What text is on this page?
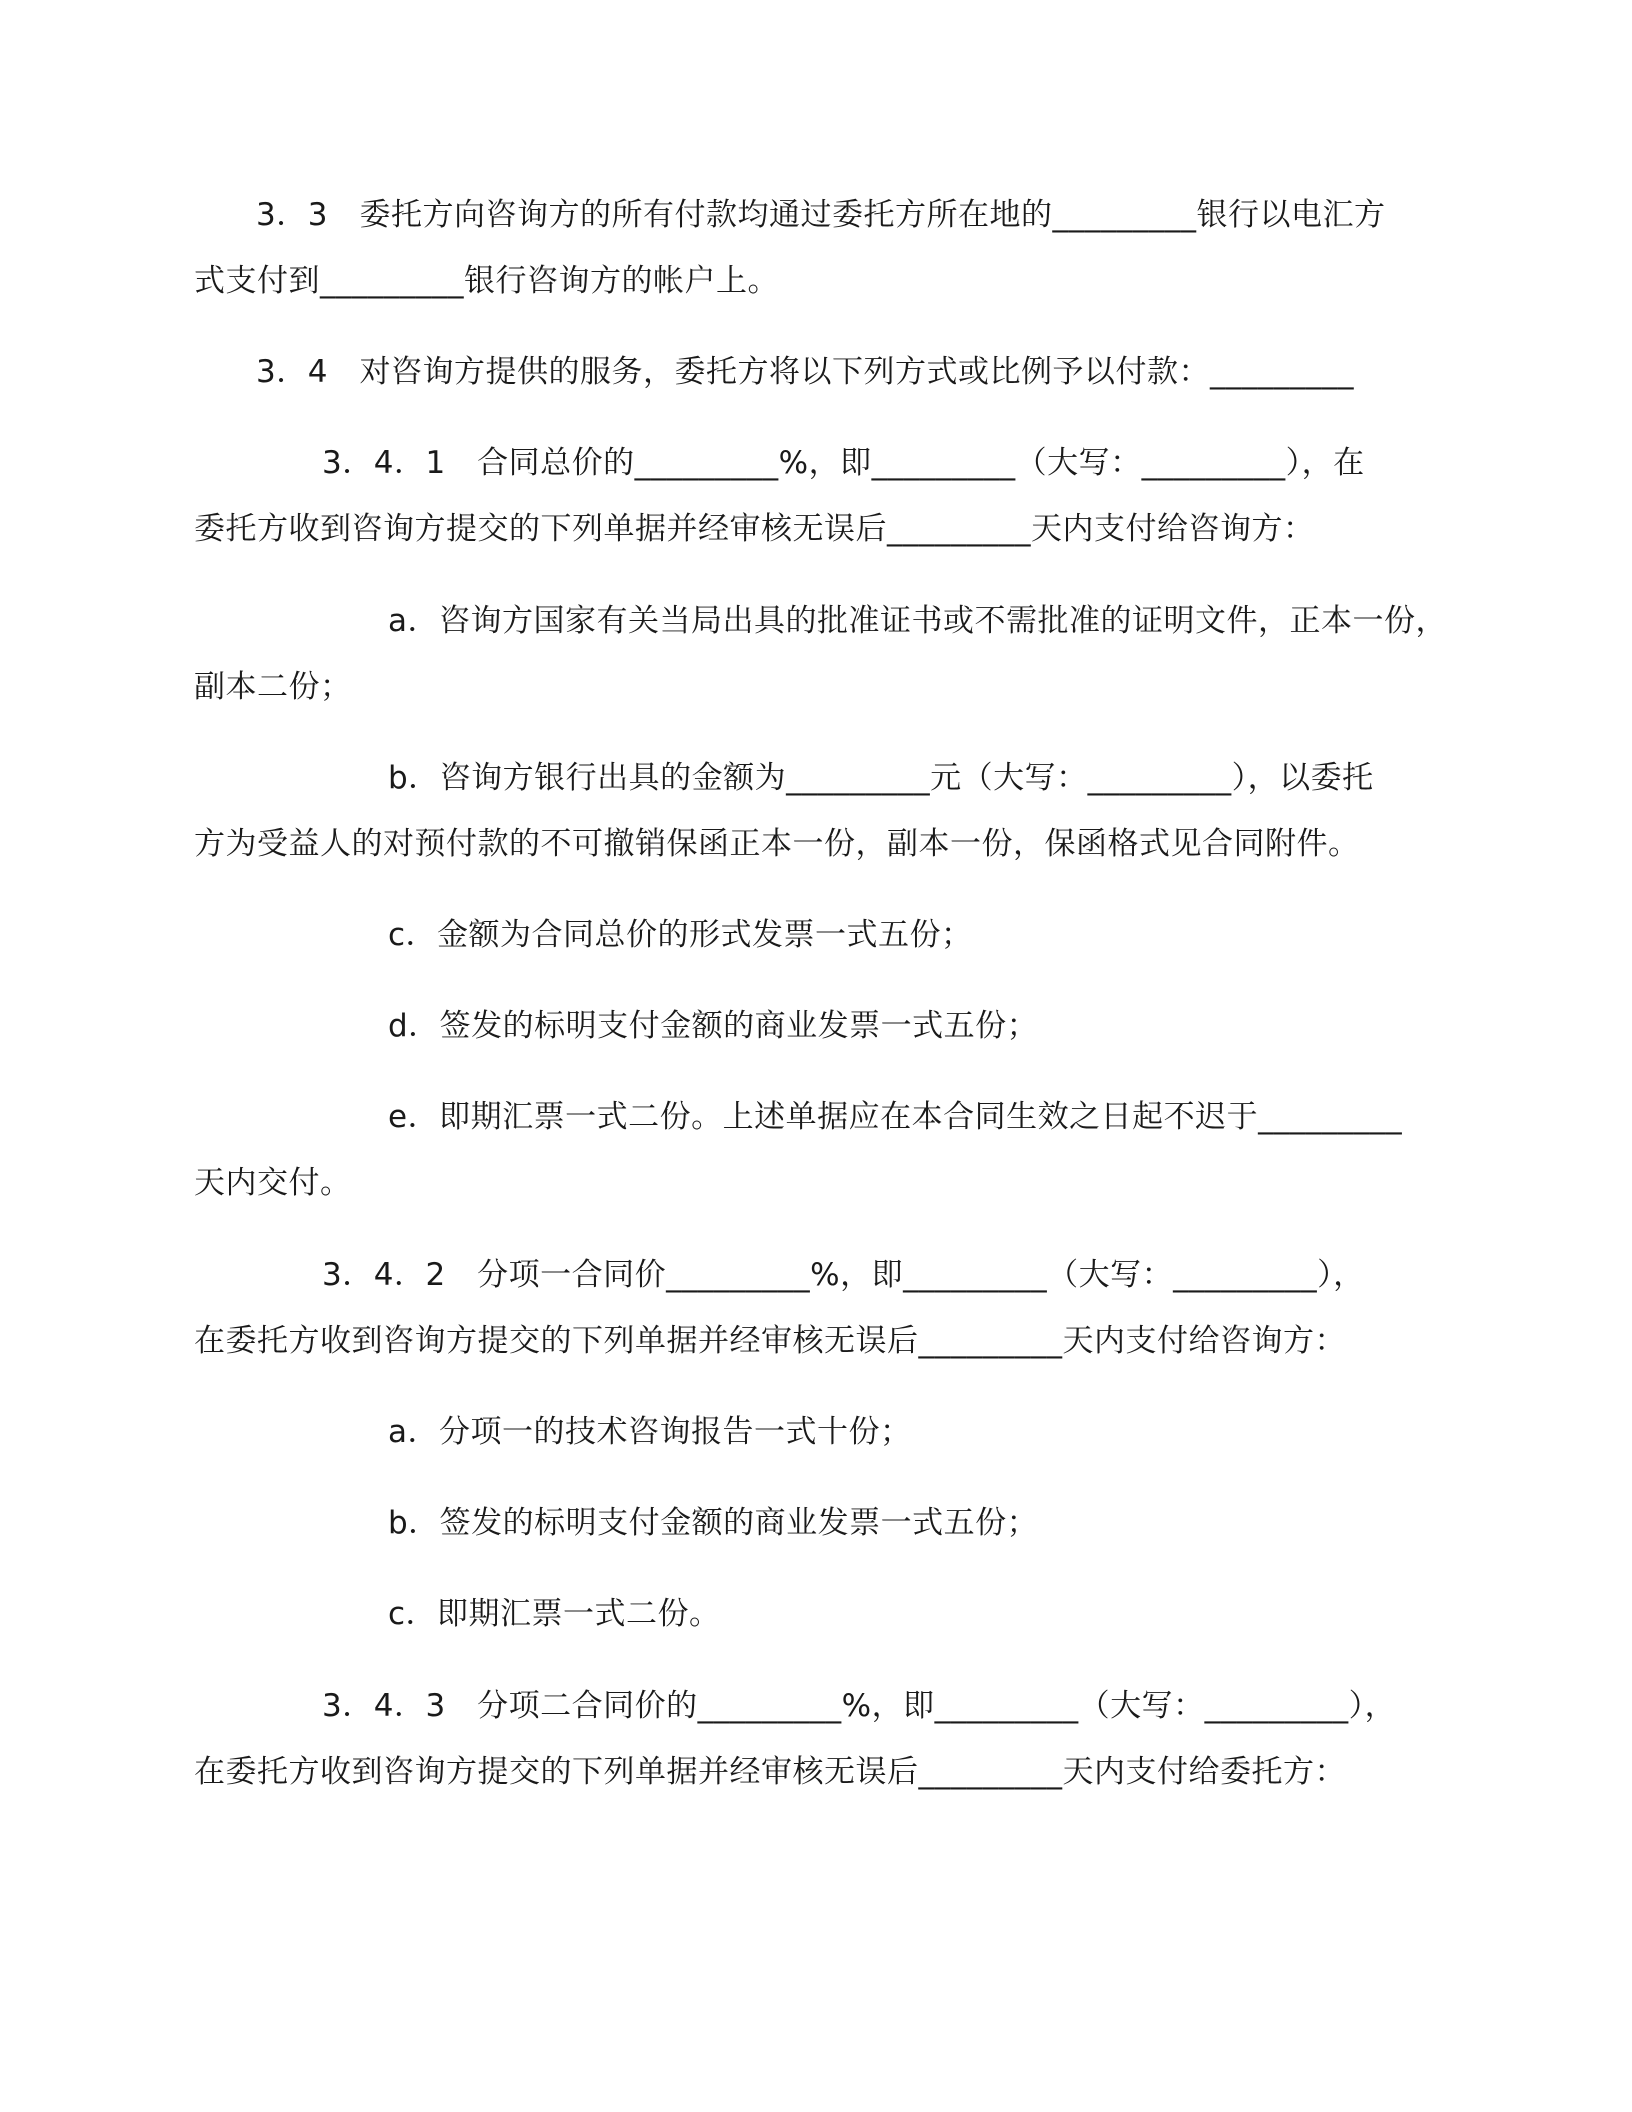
3．3　委托方向咨询方的所有付款均通过委托方所在地的_________银行以电汇方
式支付到_________银行咨询方的帐户上。
3．4　对咨询方提供的服务，委托方将以下列方式或比例予以付款：_________
3．4．1　合同总价的_________%，即_________（大写：_________），在
委托方收到咨询方提交的下列单据并经审核无误后_________天内支付给咨询方：
a．咨询方国家有关当局出具的批准证书或不需批准的证明文件，正本一份，
副本二份；
b．咨询方银行出具的金额为_________元（大写：_________），以委托
方为受益人的对预付款的不可撤销保函正本一份，副本一份，保函格式见合同附件。
c．金额为合同总价的形式发票一式五份；
d．签发的标明支付金额的商业发票一式五份；
e．即期汇票一式二份。上述单据应在本合同生效之日起不迟于_________
天内交付。
3．4．2　分项一合同价_________%，即_________（大写：_________），
在委托方收到咨询方提交的下列单据并经审核无误后_________天内支付给咨询方：
a．分项一的技术咨询报告一式十份；
b．签发的标明支付金额的商业发票一式五份；
c．即期汇票一式二份。
3．4．3　分项二合同价的_________%，即_________（大写：_________），
在委托方收到咨询方提交的下列单据并经审核无误后_________天内支付给委托方：
